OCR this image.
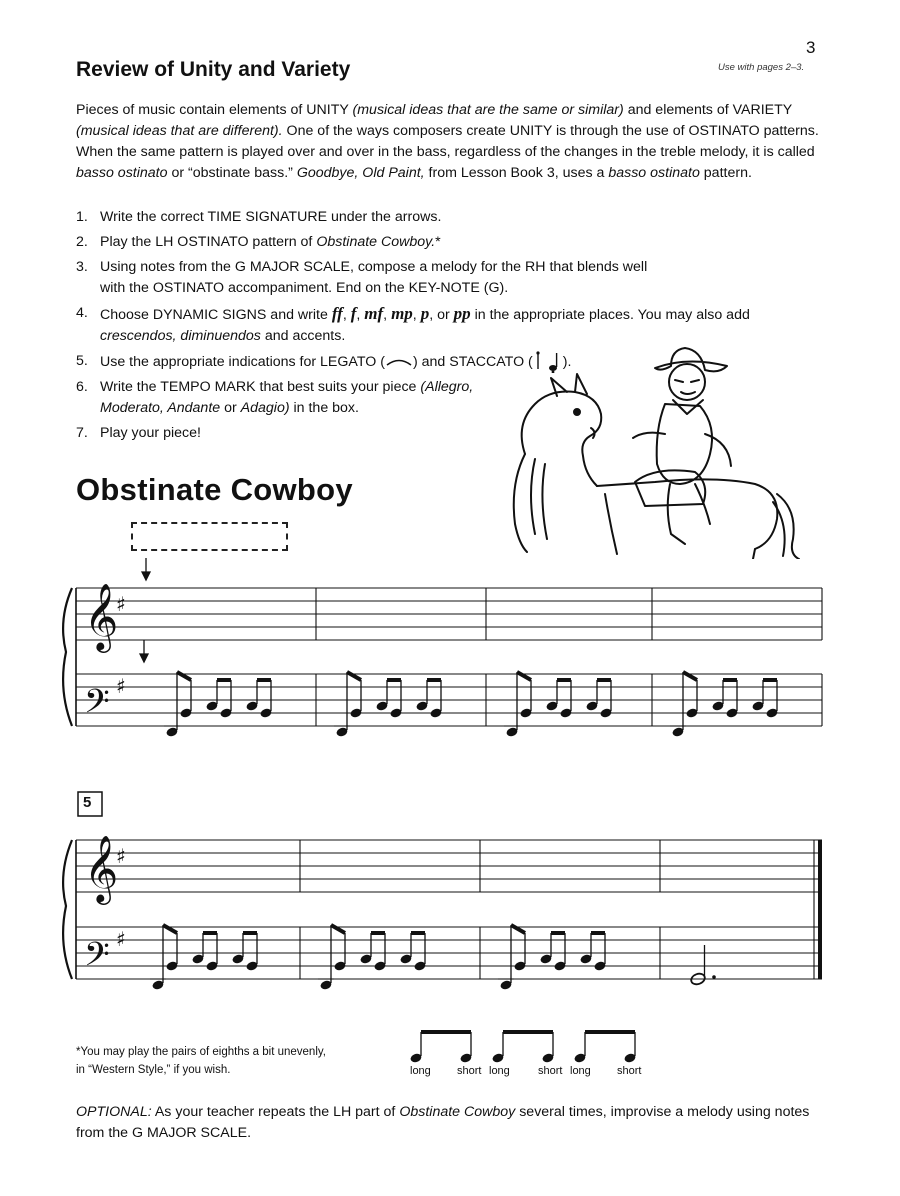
3
Use with pages 2–3.
Review of Unity and Variety

Pieces of music contain elements of UNITY (musical ideas that are the same or similar) and elements of VARIETY (musical ideas that are different). One of the ways composers create UNITY is through the use of OSTINATO patterns. When the same pattern is played over and over in the bass, regardless of the changes in the treble melody, it is called basso ostinato or “obstinate bass.” Goodbye, Old Paint, from Lesson Book 3, uses a basso ostinato pattern.

1. Write the correct TIME SIGNATURE under the arrows.
2. Play the LH OSTINATO pattern of Obstinate Cowboy.*
3. Using notes from the G MAJOR SCALE, compose a melody for the RH that blends well with the OSTINATO accompaniment. End on the KEY-NOTE (G).
4. Choose DYNAMIC SIGNS and write ff, f, mf, mp, p, or pp in the appropriate places. You may also add crescendos, diminuendos and accents.
5. Use the appropriate indications for LEGATO ( ) and STACCATO ( ).
6. Write the TEMPO MARK that best suits your piece (Allegro, Moderato, Andante or Adagio) in the box.
7. Play your piece!
Obstinate Cowboy
𝄞
𝄢
♯
♯
𝄞
𝄢
♯
♯
5
*You may play the pairs of eighths a bit unevenly,
in “Western Style,” if you wish.	long short long	short long short

OPTIONAL: As your teacher repeats the LH part of Obstinate Cowboy several times, improvise a melody using notes from the G MAJOR SCALE.
